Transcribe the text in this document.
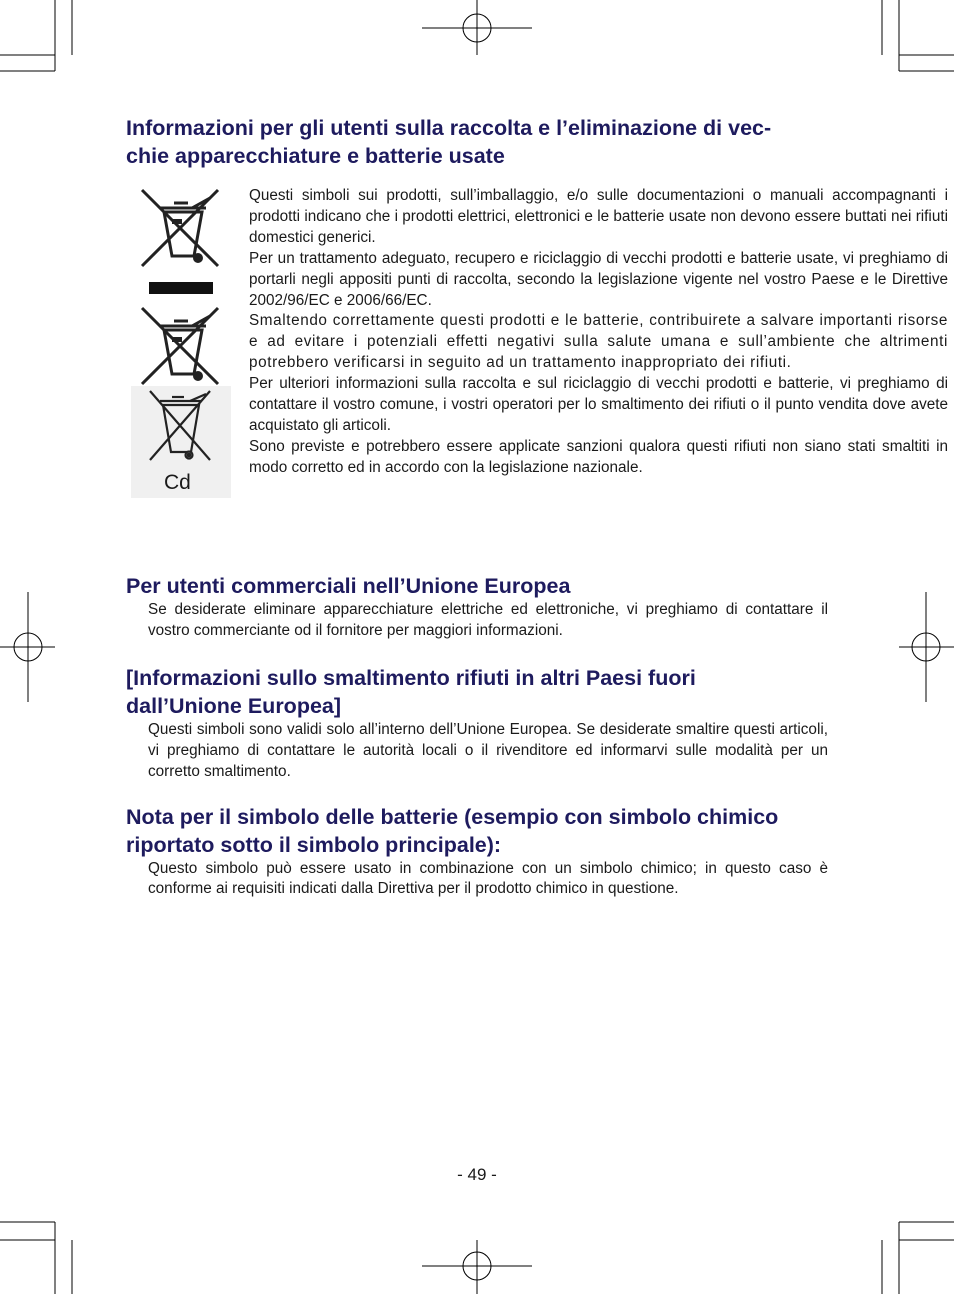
Informazioni per gli utenti sulla raccolta e l’eliminazione di vec-
chie apparecchiature e batterie usate
Cd

Questi simboli sui prodotti, sull’imballaggio, e/o sulle documentazioni o manuali accompagnanti i prodotti indicano che i prodotti elettrici, elettronici e le batterie usate non devono essere buttati nei rifiuti domestici generici.

Per un trattamento adeguato, recupero e riciclaggio di vecchi prodotti e batterie usate, vi preghiamo di portarli negli appositi punti di raccolta, secondo la legislazione vigente nel vostro Paese e le Direttive 2002/96/EC e 2006/66/EC.

Smaltendo correttamente questi prodotti e le batterie, contribuirete a salvare importanti risorse e ad evitare i potenziali effetti negativi sulla salute umana e sull’ambiente che altrimenti potrebbero verificarsi in seguito ad un trattamento inappropriato dei rifiuti.

Per ulteriori informazioni sulla raccolta e sul riciclaggio di vecchi prodotti e batterie, vi preghiamo di contattare il vostro comune, i vostri operatori per lo smaltimento dei rifiuti o il punto vendita dove avete acquistato gli articoli.

Sono previste e potrebbero essere applicate sanzioni qualora questi rifiuti non siano stati smaltiti in modo corretto ed in accordo con la legislazione nazionale.

Per utenti commerciali nell’Unione Europea

Se desiderate eliminare apparecchiature elettriche ed elettroniche, vi preghiamo di contattare il vostro commerciante od il fornitore per maggiori informazioni.

[Informazioni sullo smaltimento rifiuti in altri Paesi fuori
dall’Unione Europea]

Questi simboli sono validi solo all’interno dell’Unione Europea. Se desiderate smaltire questi articoli, vi preghiamo di contattare le autorità locali o il rivenditore ed informarvi sulle modalità per un corretto smaltimento.

Nota per il simbolo delle batterie (esempio con simbolo chimico
riportato sotto il simbolo principale):

Questo simbolo può essere usato in combinazione con un simbolo chimico; in questo caso è conforme ai requisiti indicati dalla Direttiva per il prodotto chimico in questione.

- 49 -
